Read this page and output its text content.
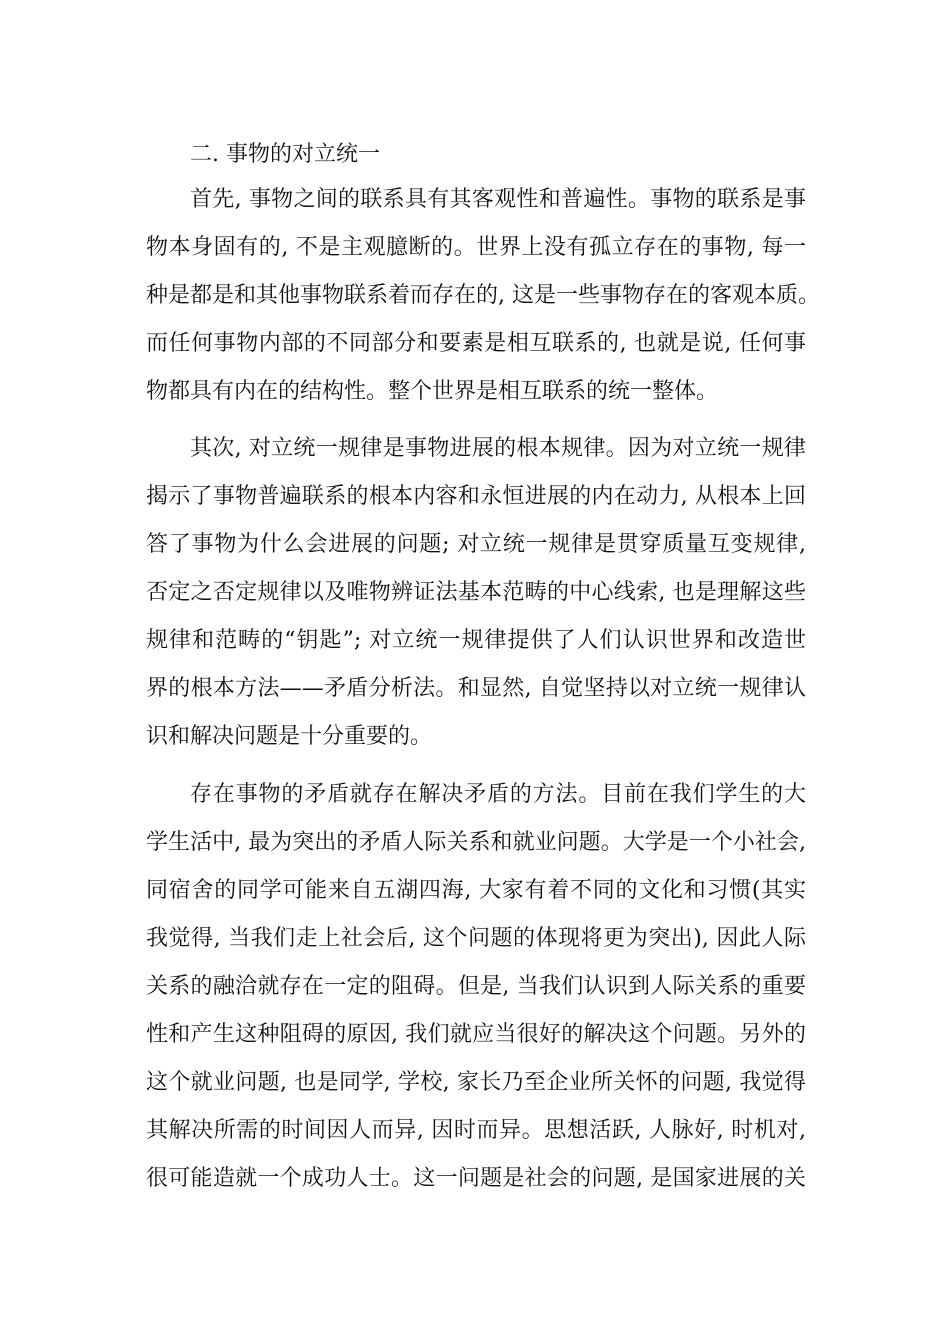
二. 事物的对立统一
首先, 事物之间的联系具有其客观性和普遍性。事物的联系是事
物本身固有的, 不是主观臆断的。世界上没有孤立存在的事物, 每一
种是都是和其他事物联系着而存在的, 这是一些事物存在的客观本质。
而任何事物内部的不同部分和要素是相互联系的, 也就是说, 任何事
物都具有内在的结构性。整个世界是相互联系的统一整体。
其次, 对立统一规律是事物进展的根本规律。因为对立统一规律
揭示了事物普遍联系的根本内容和永恒进展的内在动力, 从根本上回
答了事物为什么会进展的问题; 对立统一规律是贯穿质量互变规律,
否定之否定规律以及唯物辨证法基本范畴的中心线索, 也是理解这些
规律和范畴的“钥匙”; 对立统一规律提供了人们认识世界和改造世
界的根本方法——矛盾分析法。和显然, 自觉坚持以对立统一规律认
识和解决问题是十分重要的。
存在事物的矛盾就存在解决矛盾的方法。目前在我们学生的大
学生活中, 最为突出的矛盾人际关系和就业问题。大学是一个小社会,
同宿舍的同学可能来自五湖四海, 大家有着不同的文化和习惯(其实
我觉得, 当我们走上社会后, 这个问题的体现将更为突出), 因此人际
关系的融洽就存在一定的阻碍。但是, 当我们认识到人际关系的重要
性和产生这种阻碍的原因, 我们就应当很好的解决这个问题。另外的
这个就业问题, 也是同学, 学校, 家长乃至企业所关怀的问题, 我觉得
其解决所需的时间因人而异, 因时而异。思想活跃, 人脉好, 时机对,
很可能造就一个成功人士。这一问题是社会的问题, 是国家进展的关
